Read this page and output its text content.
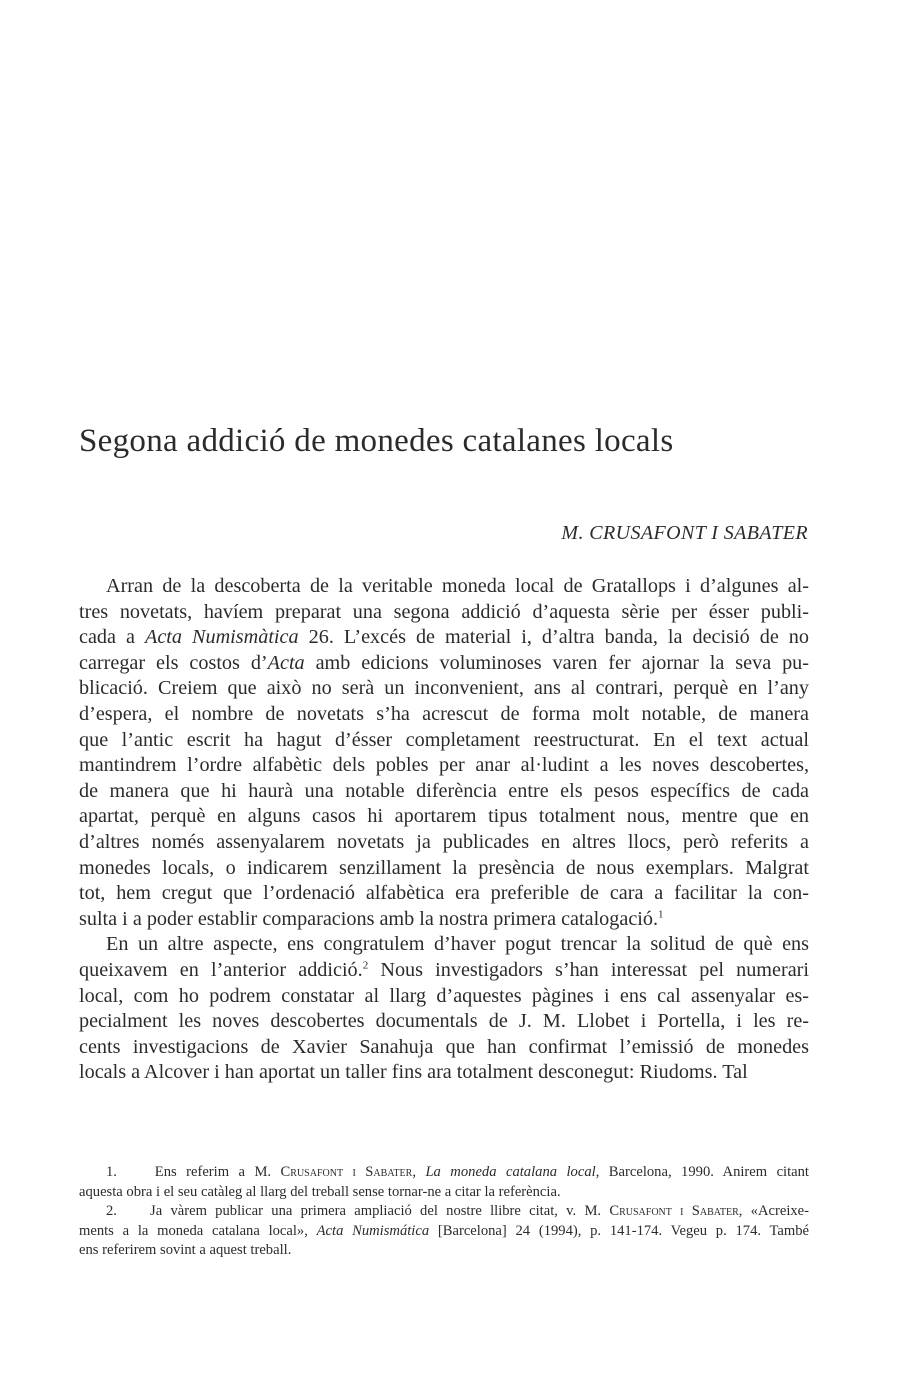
Segona addició de monedes catalanes locals
M. CRUSAFONT I SABATER
Arran de la descoberta de la veritable moneda local de Gratallops i d’algunes al-
tres novetats, havíem preparat una segona addició d’aquesta sèrie per ésser publi-
cada a Acta Numismàtica 26. L’excés de material i, d’altra banda, la decisió de no
carregar els costos d’Acta amb edicions voluminoses varen fer ajornar la seva pu-
blicació. Creiem que això no serà un inconvenient, ans al contrari, perquè en l’any
d’espera, el nombre de novetats s’ha acrescut de forma molt notable, de manera
que l’antic escrit ha hagut d’ésser completament reestructurat. En el text actual
mantindrem l’ordre alfabètic dels pobles per anar al·ludint a les noves descobertes,
de manera que hi haurà una notable diferència entre els pesos específics de cada
apartat, perquè en alguns casos hi aportarem tipus totalment nous, mentre que en
d’altres només assenyalarem novetats ja publicades en altres llocs, però referits a
monedes locals, o indicarem senzillament la presència de nous exemplars. Malgrat
tot, hem cregut que l’ordenació alfabètica era preferible de cara a facilitar la con-
sulta i a poder establir comparacions amb la nostra primera catalogació.$^1$
En un altre aspecte, ens congratulem d’haver pogut trencar la solitud de què ens
queixavem en l’anterior addició.$^2$ Nous investigadors s’han interessat pel numerari
local, com ho podrem constatar al llarg d’aquestes pàgines i ens cal assenyalar es-
pecialment les noves descobertes documentals de J. M. Llobet i Portella, i les re-
cents investigacions de Xavier Sanahuja que han confirmat l’emissió de monedes
locals a Alcover i han aportat un taller fins ara totalment desconegut: Riudoms. Tal
1.	Ens referim a M. Crusafont i Sabater, La moneda catalana local, Barcelona, 1990. Anirem citant
aquesta obra i el seu catàleg al llarg del treball sense tornar-ne a citar la referència.
2. Ja vàrem publicar una primera ampliació del nostre llibre citat, v. M. Crusafont i Sabater, «Acreixe-
ments a la moneda catalana local», Acta Numismática [Barcelona] 24 (1994), p. 141-174. Vegeu p. 174. També
ens referirem sovint a aquest treball.
